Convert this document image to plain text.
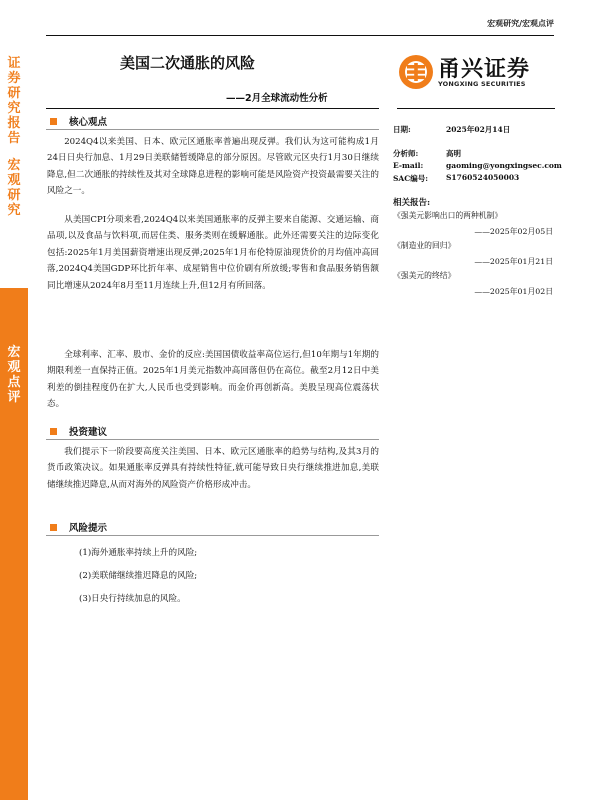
宏观研究/宏观点评
证
券
研
究
报
告
宏
观
研
究
宏
观
点
评
美国二次通胀的风险
——2月全球流动性分析
甬兴证券
YONGXING SECURITIES
核心观点

2024Q4以来美国、日本、欧元区通胀率普遍出现反弹。我们认为这可能构成1月24日日央行加息、1月29日美联储暂缓降息的部分原因。尽管欧元区央行1月30日继续降息,但二次通胀的持续性及其对全球降息进程的影响可能是风险资产投资最需要关注的风险之一。

从美国CPI分项来看,2024Q4以来美国通胀率的反弹主要来自能源、交通运输、商品项,以及食品与饮料项,而居住类、服务类则在缓解通胀。此外还需要关注的边际变化包括:2025年1月美国薪资增速出现反弹;2025年1月布伦特原油现货价的月均值冲高回落,2024Q4美国GDP环比折年率、成屋销售中位价刷有所放缓;零售和食品服务销售额同比增速从2024年8月至11月连续上升,但12月有所回落。

全球利率、汇率、股市、金价的反应:美国国债收益率高位运行,但10年期与1年期的期限利差一直保持正值。2025年1月美元指数冲高回落但仍在高位。截至2月12日中美利差的倒挂程度仍在扩大,人民币也受到影响。而金价再创新高。美股呈现高位震荡状态。

投资建议

我们提示下一阶段要高度关注美国、日本、欧元区通胀率的趋势与结构,及其3月的货币政策决议。如果通胀率反弹具有持续性特征,就可能导致日央行继续推进加息,美联储继续推迟降息,从而对海外的风险资产价格形成冲击。

风险提示
(1)海外通胀率持续上升的风险;
(2)美联储继续推迟降息的风险;
(3)日央行持续加息的风险。
日期:	2025年02月14日
分析师:	高明
E-mail:	gaoming@yongxingsec.com
SAC编号: S1760524050003
相关报告:
《强美元影响出口的两种机制》
——2025年02月05日
《制造业的回归》
——2025年01月21日
《强美元的终结》
——2025年01月02日
